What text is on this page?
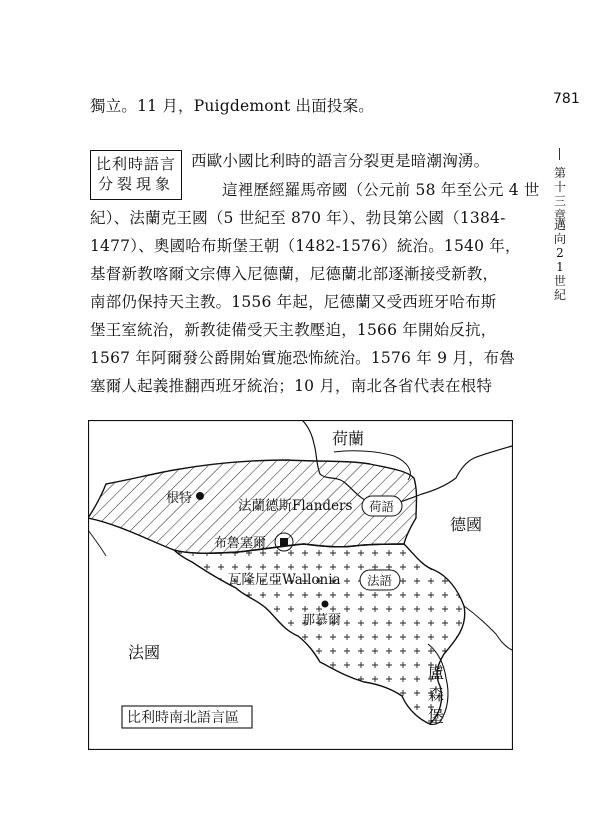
獨立。11 月，Puigdemont 出面投案。
比利時語言
分裂現象
西歐小國比利時的語言分裂更是暗潮洶湧。
這裡歷經羅馬帝國（公元前 58 年至公元 4 世
紀）、法蘭克王國（5 世紀至 870 年）、勃艮第公國（1384-
1477）、奧國哈布斯堡王朝（1482-1576）統治。1540 年，
基督新教喀爾文宗傳入尼德蘭，尼德蘭北部逐漸接受新教，
南部仍保持天主教。1556 年起，尼德蘭又受西班牙哈布斯
堡王室統治，新教徒備受天主教壓迫，1566 年開始反抗，
1567 年阿爾發公爵開始實施恐怖統治。1576 年 9 月，布魯
塞爾人起義推翻西班牙統治；10 月，南北各省代表在根特
781
第十三章
邁向21世紀
荷蘭
德國
法國
盧
森
堡
根特	法蘭德斯Flanders 荷語
布魯塞爾
瓦隆尼亞Wallonia 法語
那慕爾
比利時南北語言區
